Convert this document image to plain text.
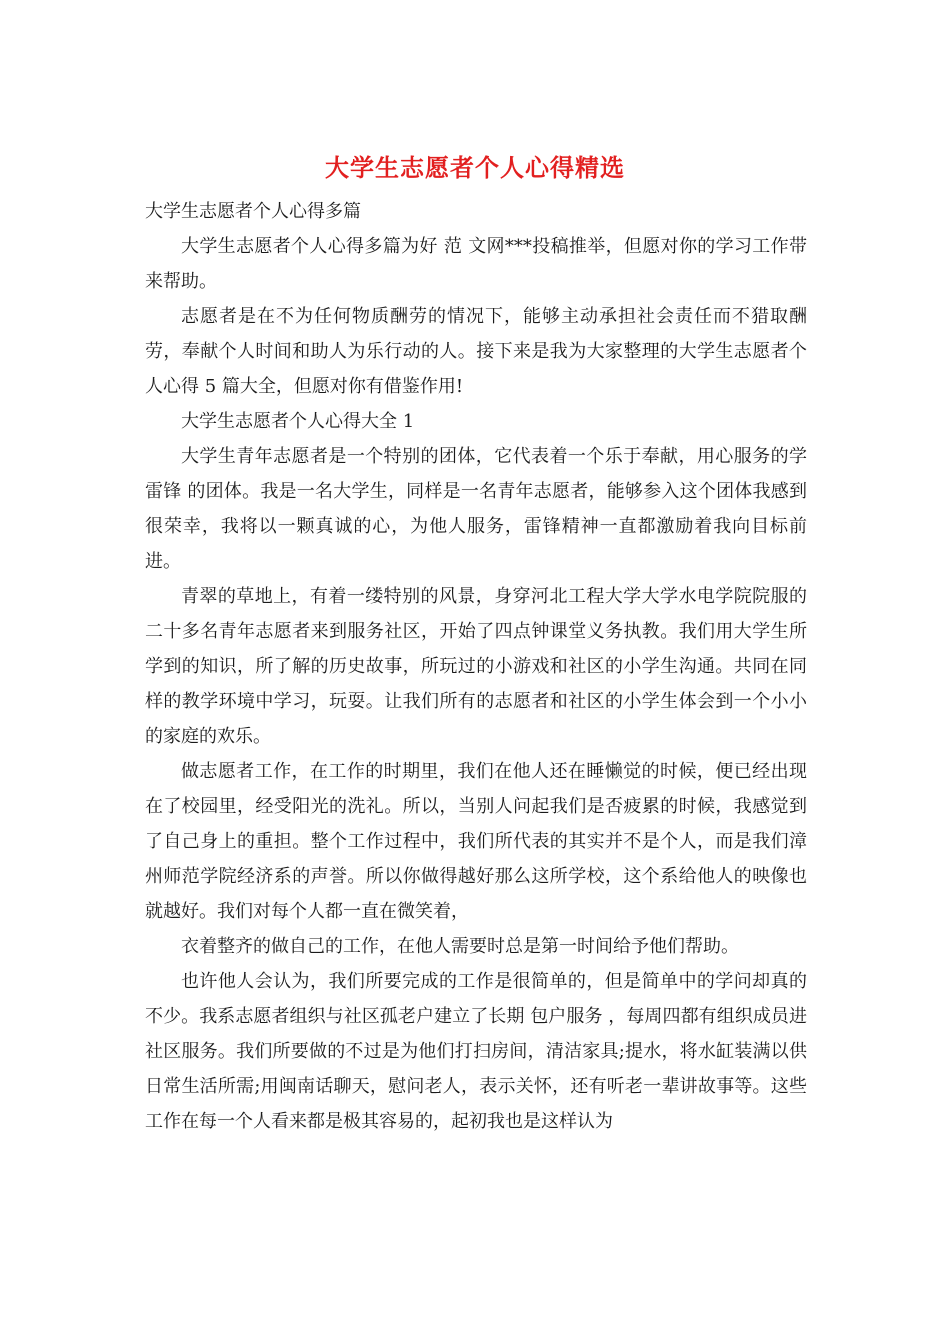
大学生志愿者个人心得精选

大学生志愿者个人心得多篇

大学生志愿者个人心得多篇为好 范 文网***投稿推举，但愿对你的学习工作带来帮助。

志愿者是在不为任何物质酬劳的情况下，能够主动承担社会责任而不猎取酬劳，奉献个人时间和助人为乐行动的人。接下来是我为大家整理的大学生志愿者个人心得 5 篇大全，但愿对你有借鉴作用!

大学生志愿者个人心得大全 1

大学生青年志愿者是一个特别的团体，它代表着一个乐于奉献，用心服务的学雷锋 的团体。我是一名大学生，同样是一名青年志愿者，能够参入这个团体我感到很荣幸，我将以一颗真诚的心，为他人服务，雷锋精神一直都激励着我向目标前进。

青翠的草地上，有着一缕特别的风景，身穿河北工程大学大学水电学院院服的二十多名青年志愿者来到服务社区，开始了四点钟课堂义务执教。我们用大学生所学到的知识，所了解的历史故事，所玩过的小游戏和社区的小学生沟通。共同在同样的教学环境中学习，玩耍。让我们所有的志愿者和社区的小学生体会到一个小小的家庭的欢乐。

做志愿者工作，在工作的时期里，我们在他人还在睡懒觉的时候，便已经出现在了校园里，经受阳光的洗礼。所以，当别人问起我们是否疲累的时候，我感觉到了自己身上的重担。整个工作过程中，我们所代表的其实并不是个人，而是我们漳州师范学院经济系的声誉。所以你做得越好那么这所学校，这个系给他人的映像也就越好。我们对每个人都一直在微笑着，

衣着整齐的做自己的工作，在他人需要时总是第一时间给予他们帮助。

也许他人会认为，我们所要完成的工作是很简单的，但是简单中的学问却真的不少。我系志愿者组织与社区孤老户建立了长期 包户服务 ，每周四都有组织成员进社区服务。我们所要做的不过是为他们打扫房间，清洁家具;提水，将水缸装满以供日常生活所需;用闽南话聊天，慰问老人，表示关怀，还有听老一辈讲故事等。这些工作在每一个人看来都是极其容易的，起初我也是这样认为
